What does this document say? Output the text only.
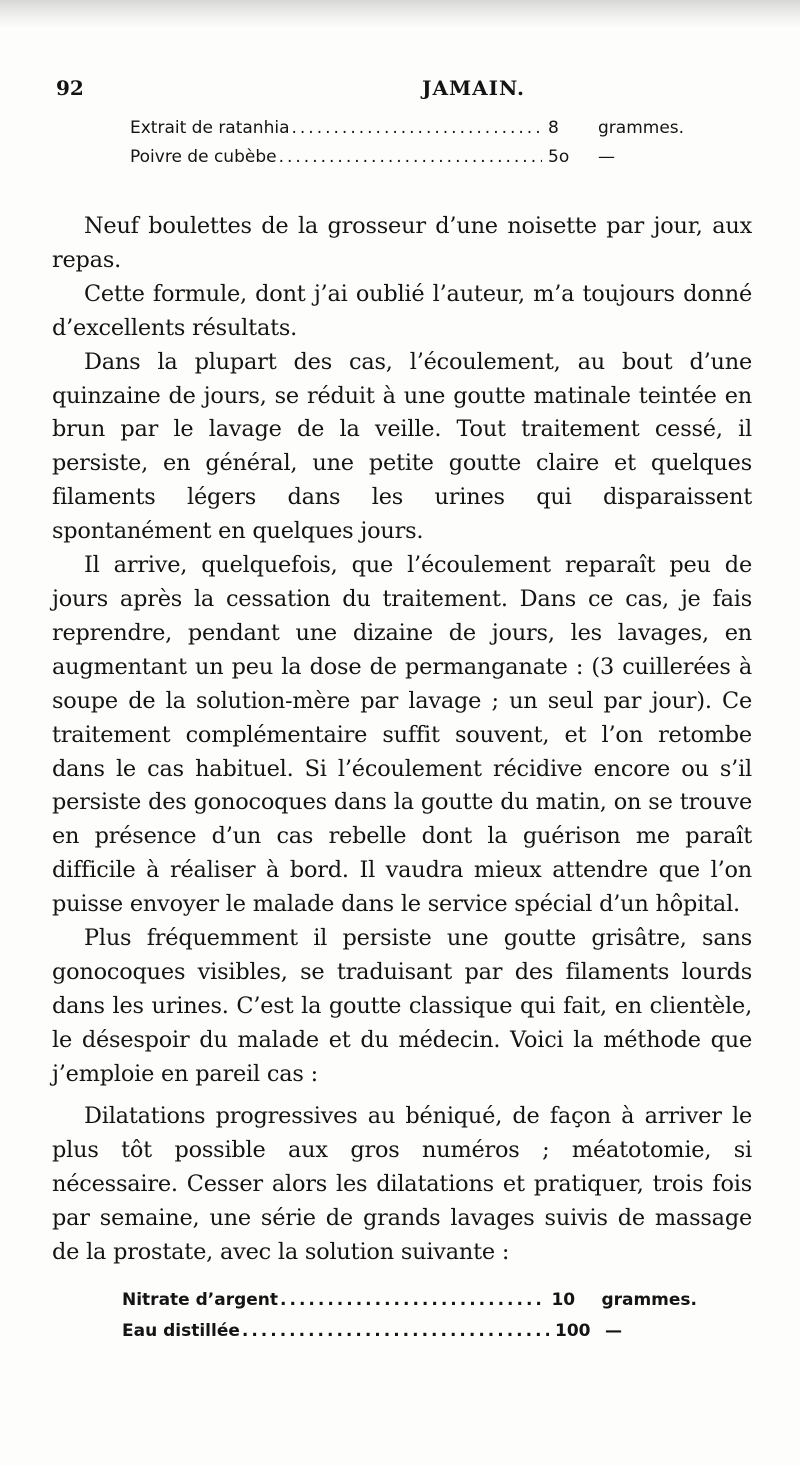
92	JAMAIN.
Extrait de ratanhia .....	8	grammes.
Poivre de cubèbe .....	5o	—

Neuf boulettes de la grosseur d’une noisette par jour, aux repas.

Cette formule, dont j’ai oublié l’auteur, m’a toujours donné d’excellents résultats.

Dans la plupart des cas, l’écoulement, au bout d’une quinzaine de jours, se réduit à une goutte matinale teintée en brun par le lavage de la veille. Tout traitement cessé, il persiste, en général, une petite goutte claire et quelques filaments légers dans les urines qui disparaissent spontanément en quelques jours.

Il arrive, quelquefois, que l’écoulement reparaît peu de jours après la cessation du traitement. Dans ce cas, je fais reprendre, pendant une dizaine de jours, les lavages, en augmentant un peu la dose de permanganate : (3 cuillerées à soupe de la solution-mère par lavage ; un seul par jour). Ce traitement complémentaire suffit souvent, et l’on retombe dans le cas habituel. Si l’écoulement récidive encore ou s’il persiste des gonocoques dans la goutte du matin, on se trouve en présence d’un cas rebelle dont la guérison me paraît difficile à réaliser à bord. Il vaudra mieux attendre que l’on puisse envoyer le malade dans le service spécial d’un hôpital.

Plus fréquemment il persiste une goutte grisâtre, sans gonocoques visibles, se traduisant par des filaments lourds dans les urines. C’est la goutte classique qui fait, en clientèle, le désespoir du malade et du médecin. Voici la méthode que j’emploie en pareil cas :

Dilatations progressives au béniqué, de façon à arriver le plus tôt possible aux gros numéros ; méatotomie, si nécessaire. Cesser alors les dilatations et pratiquer, trois fois par semaine, une série de grands lavages suivis de massage de la prostate, avec la solution suivante :

Nitrate d’argent .....	10	grammes.
Eau distillée .....	100 —
